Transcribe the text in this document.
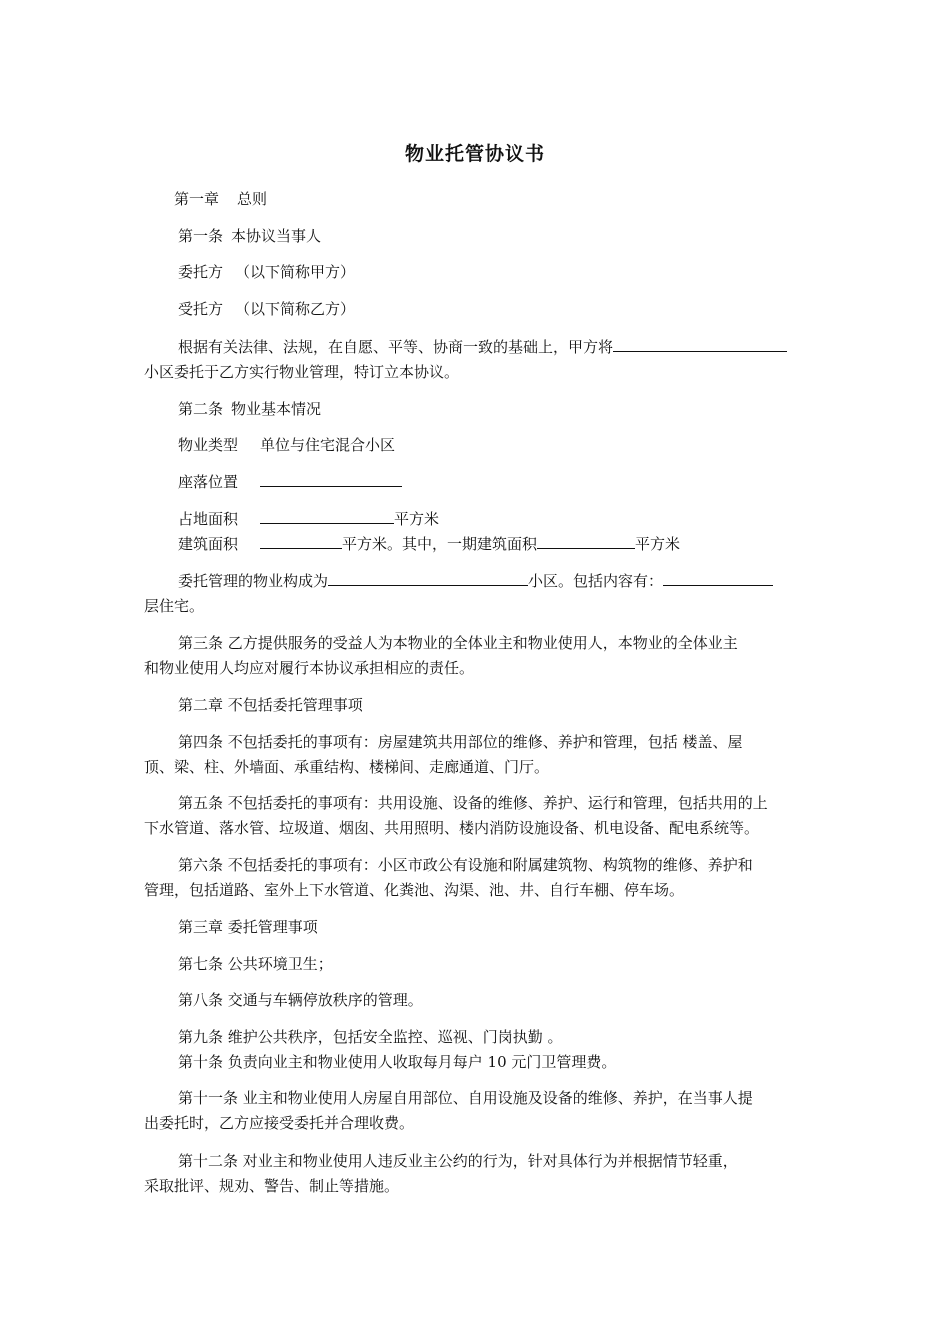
物业托管协议书
第一章 总则
第一条 本协议当事人
委托方 （以下简称甲方）
受托方 （以下简称乙方）
根据有关法律、法规，在自愿、平等、协商一致的基础上，甲方将
小区委托于乙方实行物业管理，特订立本协议。
第二条 物业基本情况
物业类型 单位与住宅混合小区
座落位置
占地面积	平方米
建筑面积	平方米。其中，一期建筑面积	平方米
委托管理的物业构成为	小区。包括内容有：
层住宅。
第三条 乙方提供服务的受益人为本物业的全体业主和物业使用人，本物业的全体业主
和物业使用人均应对履行本协议承担相应的责任。
第二章 不包括委托管理事项
第四条 不包括委托的事项有：房屋建筑共用部位的维修、养护和管理，包括 楼盖、屋
顶、梁、柱、外墙面、承重结构、楼梯间、走廊通道、门厅。
第五条 不包括委托的事项有：共用设施、设备的维修、养护、运行和管理，包括共用的上
下水管道、落水管、垃圾道、烟囱、共用照明、楼内消防设施设备、机电设备、配电系统等。
第六条 不包括委托的事项有：小区市政公有设施和附属建筑物、构筑物的维修、养护和
管理，包括道路、室外上下水管道、化粪池、沟渠、池、井、自行车棚、停车场。
第三章 委托管理事项
第七条 公共环境卫生；
第八条 交通与车辆停放秩序的管理。
第九条 维护公共秩序，包括安全监控、巡视、门岗执勤 。
第十条 负责向业主和物业使用人收取每月每户 10 元门卫管理费。
第十一条 业主和物业使用人房屋自用部位、自用设施及设备的维修、养护，在当事人提
出委托时，乙方应接受委托并合理收费。
第十二条 对业主和物业使用人违反业主公约的行为，针对具体行为并根据情节轻重，
采取批评、规劝、警告、制止等措施。
